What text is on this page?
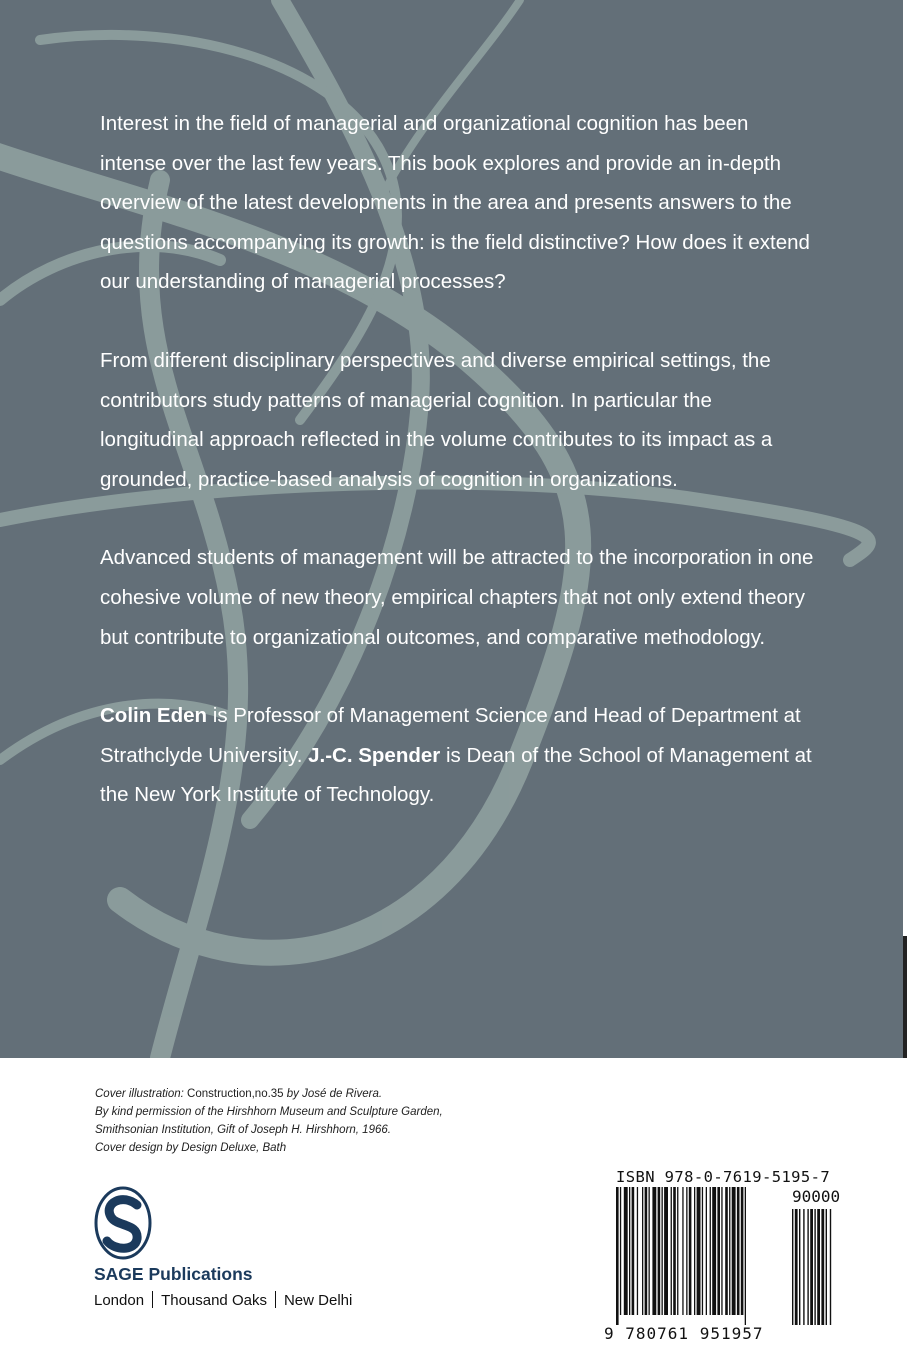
Interest in the field of managerial and organizational cognition has been intense over the last few years. This book explores and provide an in-depth overview of the latest developments in the area and presents answers to the questions accompanying its growth: is the field distinctive? How does it extend our understanding of managerial processes?

From different disciplinary perspectives and diverse empirical settings, the contributors study patterns of managerial cognition. In particular the longitudinal approach reflected in the volume contributes to its impact as a grounded, practice-based analysis of cognition in organizations.

Advanced students of management will be attracted to the incorporation in one cohesive volume of new theory, empirical chapters that not only extend theory but contribute to organizational outcomes, and comparative methodology.

Colin Eden is Professor of Management Science and Head of Department at Strathclyde University. J.-C. Spender is Dean of the School of Management at the New York Institute of Technology.

Cover illustration: Construction,no.35 by José de Rivera.
By kind permission of the Hirshhorn Museum and Sculpture Garden,
Smithsonian Institution, Gift of Joseph H. Hirshhorn, 1966.
Cover design by Design Deluxe, Bath
SAGE Publications
London Thousand Oaks New Delhi
ISBN 978-0-7619-5195-7
90000
9 780761 951957
